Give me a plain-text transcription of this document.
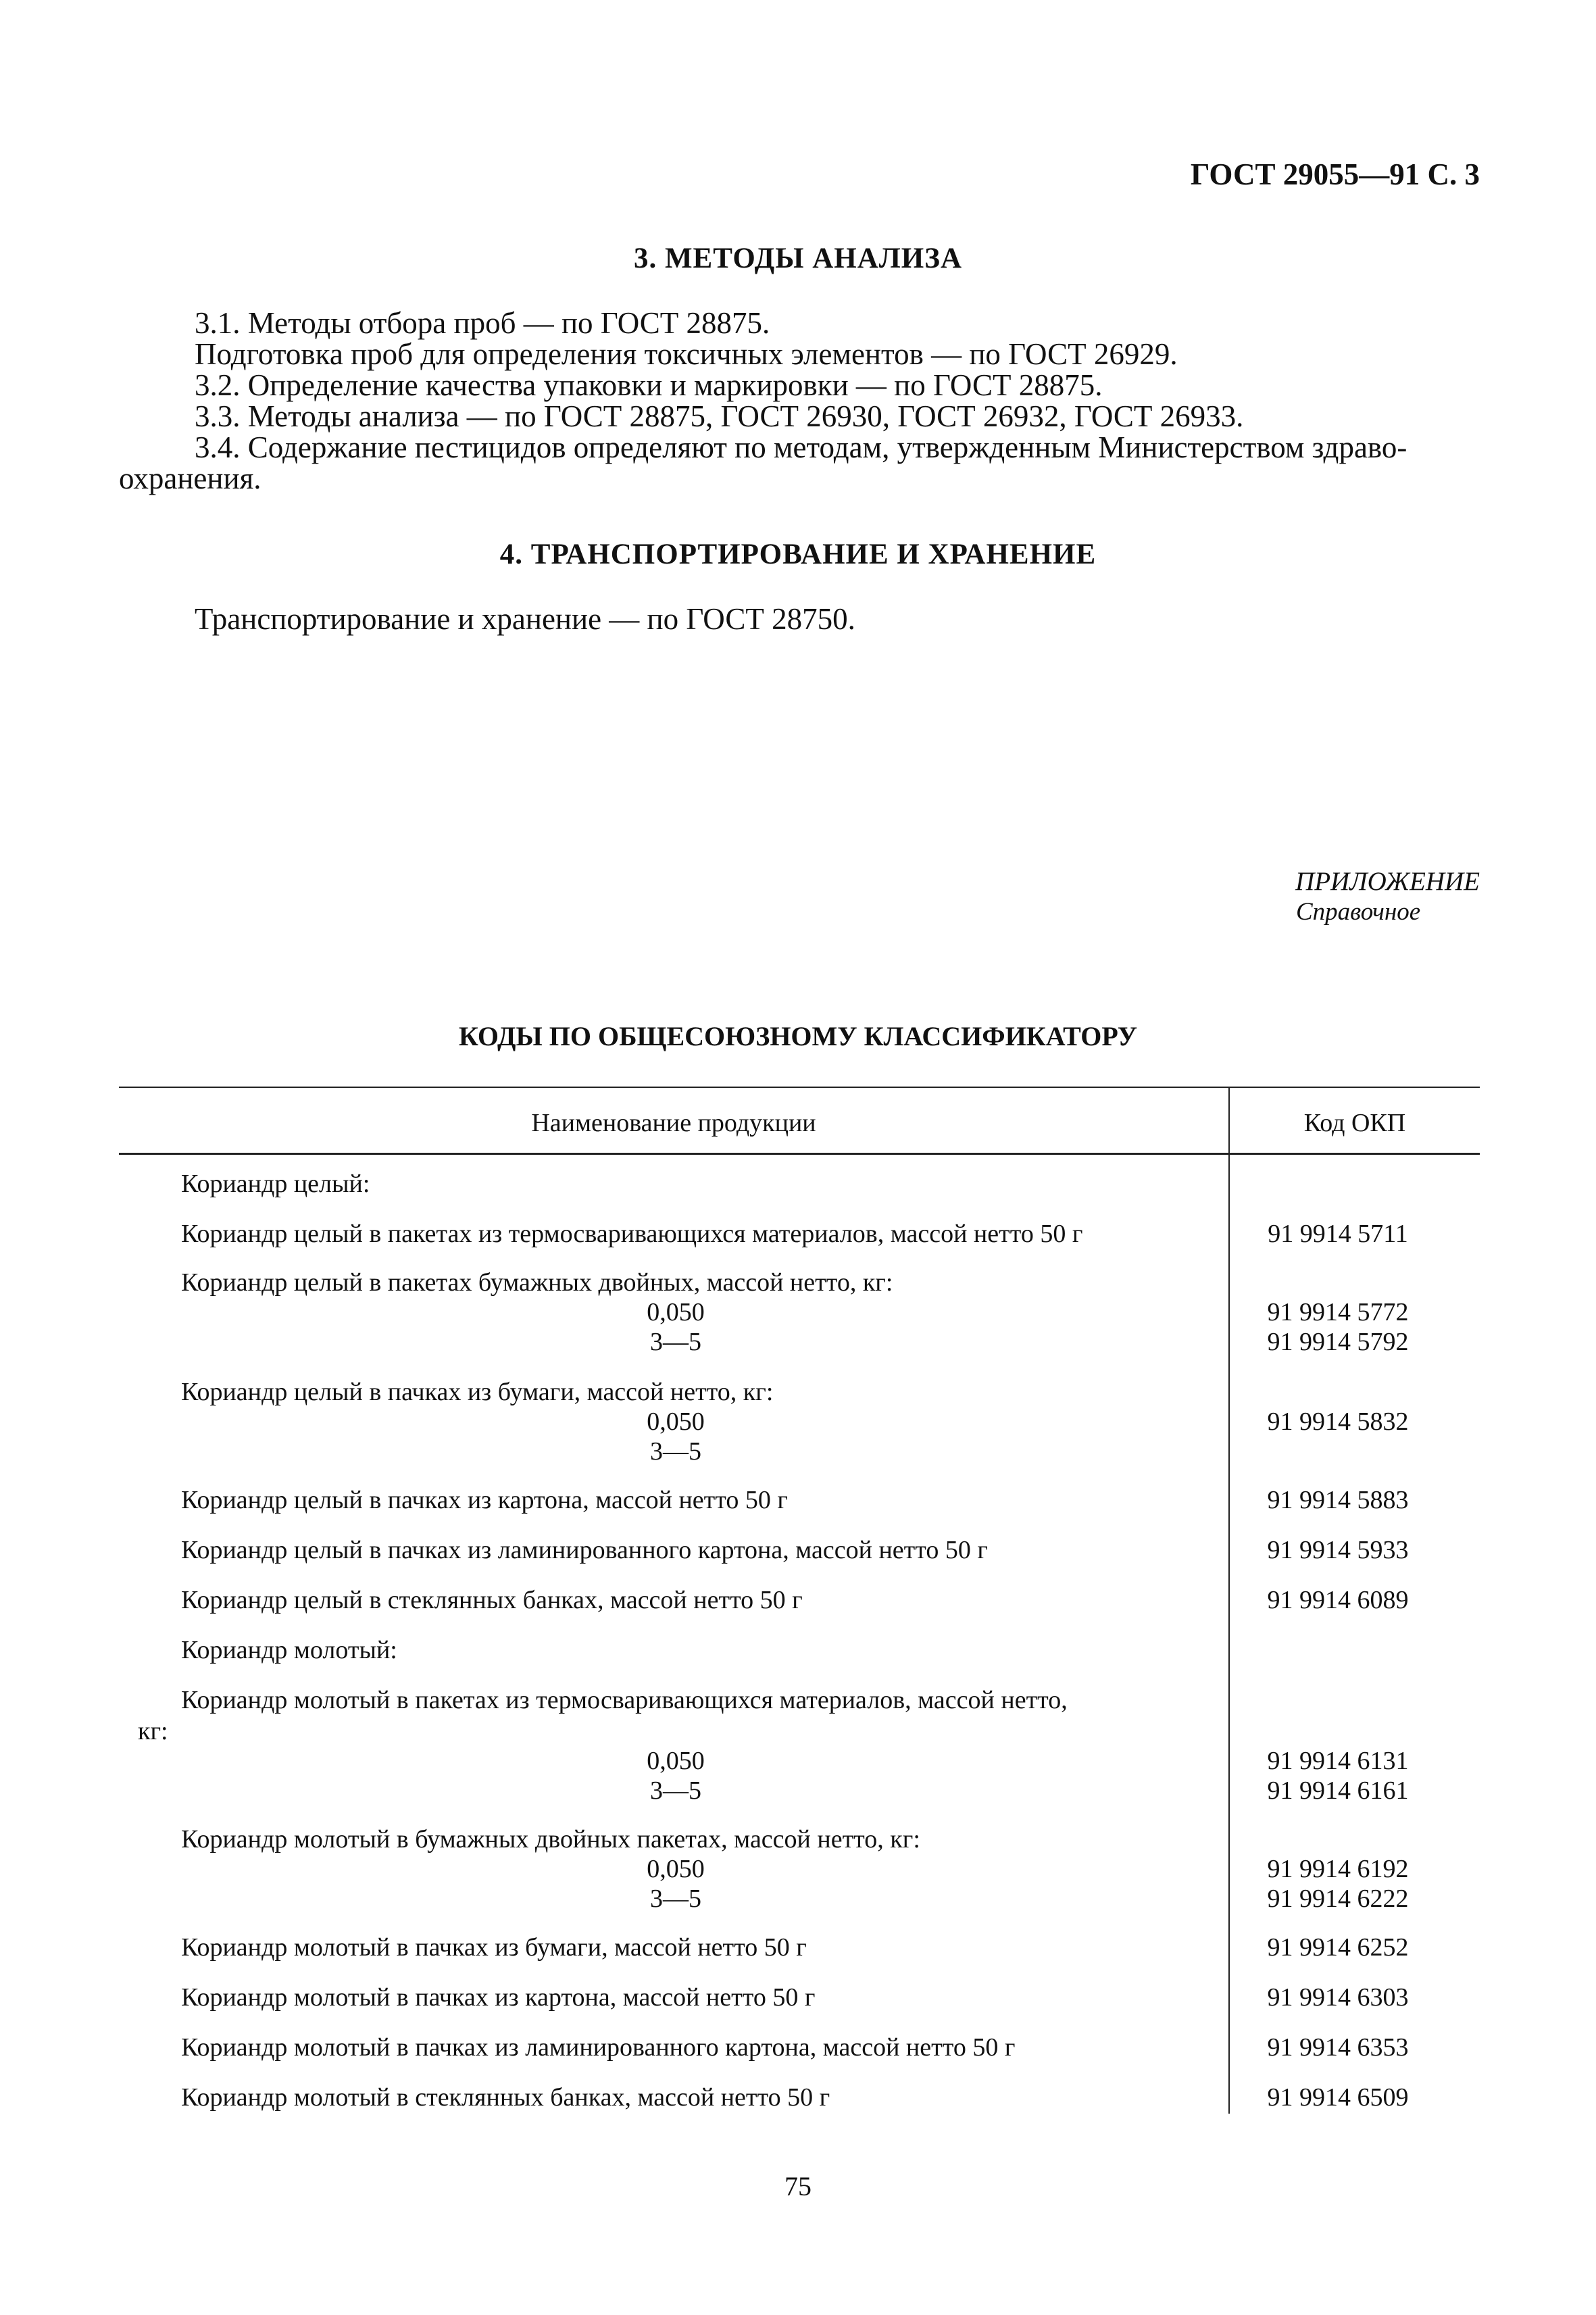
ГОСТ 29055—91 С. 3
3. МЕТОДЫ АНАЛИЗА
3.1. Методы отбора проб — по ГОСТ 28875.
Подготовка проб для определения токсичных элементов — по ГОСТ 26929.
3.2. Определение качества упаковки и маркировки — по ГОСТ 28875.
3.3. Методы анализа — по ГОСТ 28875, ГОСТ 26930, ГОСТ 26932, ГОСТ 26933.
3.4. Содержание пестицидов определяют по методам, утвержденным Министерством здраво-
охранения.
4. ТРАНСПОРТИРОВАНИЕ И ХРАНЕНИЕ
Транспортирование и хранение — по ГОСТ 28750.
ПРИЛОЖЕНИЕ
Справочное
КОДЫ ПО ОБЩЕСОЮЗНОМУ КЛАССИФИКАТОРУ
Наименование продукции	Код ОКП
Кориандр целый:
Кориандр целый в пакетах из термосваривающихся материалов, массой нетто 50 г	91 9914 5711
Кориандр целый в пакетах бумажных двойных, массой нетто, кг:
0,050	91 9914 5772
3—5	91 9914 5792
Кориандр целый в пачках из бумаги, массой нетто, кг:
0,050	91 9914 5832
3—5
Кориандр целый в пачках из картона, массой нетто 50 г	91 9914 5883
Кориандр целый в пачках из ламинированного картона, массой нетто 50 г	91 9914 5933
Кориандр целый в стеклянных банках, массой нетто 50 г	91 9914 6089
Кориандр молотый:
Кориандр молотый в пакетах из термосваривающихся материалов, массой нетто,
кг:
0,050	91 9914 6131
3—5	91 9914 6161
Кориандр молотый в бумажных двойных пакетах, массой нетто, кг:
0,050	91 9914 6192
3—5	91 9914 6222
Кориандр молотый в пачках из бумаги, массой нетто 50 г	91 9914 6252
Кориандр молотый в пачках из картона, массой нетто 50 г	91 9914 6303
Кориандр молотый в пачках из ламинированного картона, массой нетто 50 г	91 9914 6353
Кориандр молотый в стеклянных банках, массой нетто 50 г	91 9914 6509
75
